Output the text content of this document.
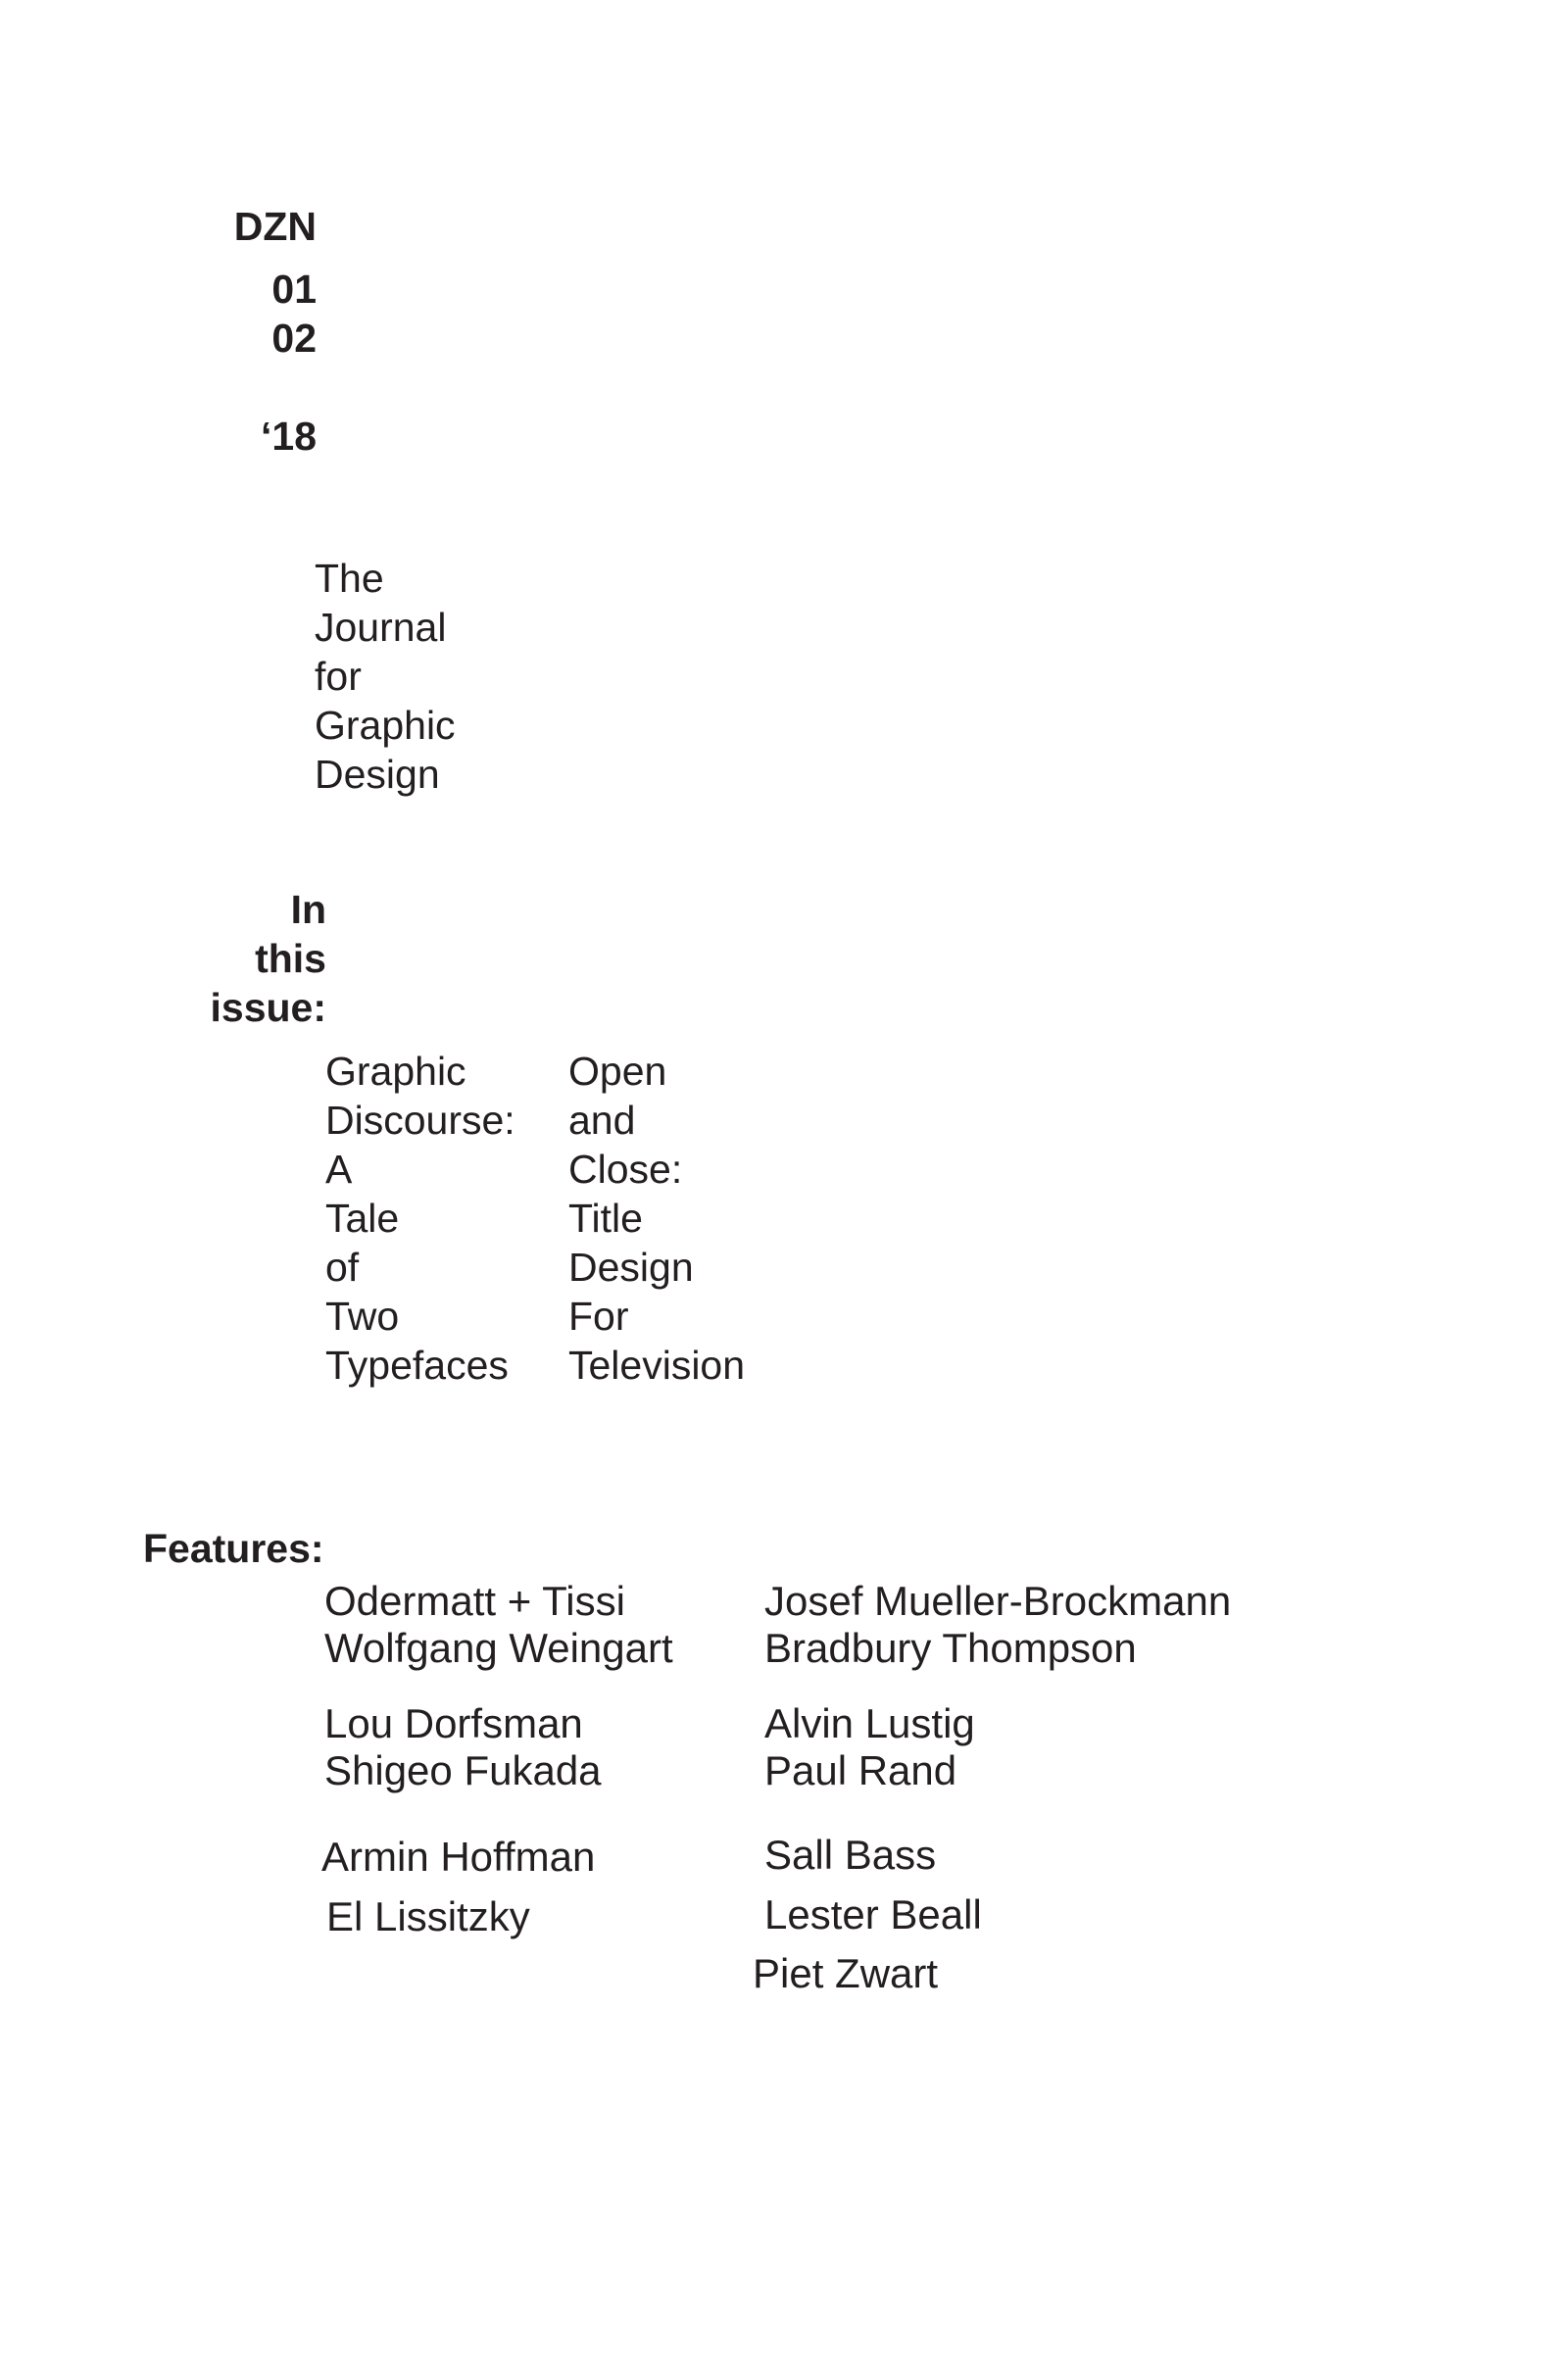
DZN
01
02
‘18
The
Journal
for
Graphic
Design
In
this
issue:
Graphic
Discourse:
A
Tale
of
Two
Typefaces
Open
and
Close:
Title
Design
For
Television
Features:
Odermatt + Tissi
Wolfgang Weingart
Lou Dorfsman
Shigeo Fukada
Armin Hoffman
El Lissitzky
Josef Mueller-Brockmann
Bradbury Thompson
Alvin Lustig
Paul Rand
Sall Bass
Lester Beall
Piet Zwart
